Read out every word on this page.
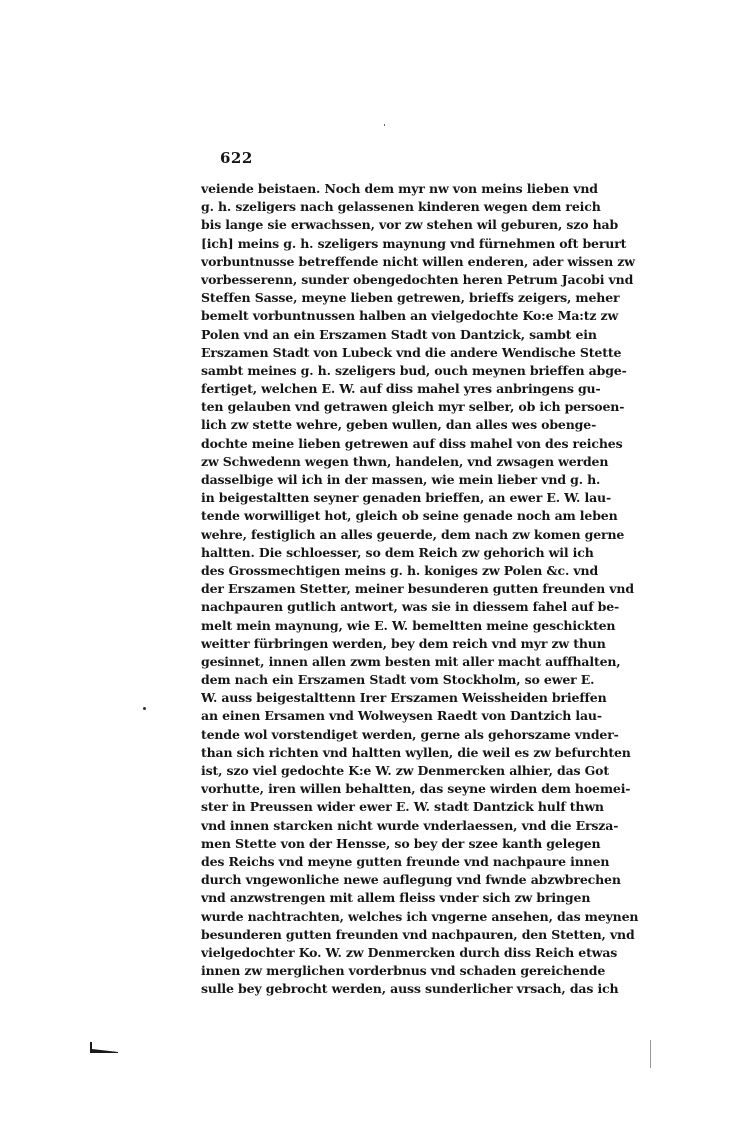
622
veiende beistaen. Noch dem myr nw von meins lieben vnd
g. h. szeligers nach gelassenen kinderen wegen dem reich
bis lange sie erwachssen, vor zw stehen wil geburen, szo hab
[ich] meins g. h. szeligers maynung vnd fürnehmen oft berurt
vorbuntnusse betreffende nicht willen enderen, ader wissen zw
vorbesserenn, sunder obengedochten heren Petrum Jacobi vnd
Steffen Sasse, meyne lieben getrewen, brieffs zeigers, meher
bemelt vorbuntnussen halben an vielgedochte Ko:e Ma:tz zw
Polen vnd an ein Erszamen Stadt von Dantzick, sambt ein
Erszamen Stadt von Lubeck vnd die andere Wendische Stette
sambt meines g. h. szeligers bud, ouch meynen brieffen abge-
fertiget, welchen E. W. auf diss mahel yres anbringens gu-
ten gelauben vnd getrawen gleich myr selber, ob ich persoen-
lich zw stette wehre, geben wullen, dan alles wes obenge-
dochte meine lieben getrewen auf diss mahel von des reiches
zw Schwedenn wegen thwn, handelen, vnd zwsagen werden
dasselbige wil ich in der massen, wie mein lieber vnd g. h.
in beigestaltten seyner genaden brieffen, an ewer E. W. lau-
tende worwilliget hot, gleich ob seine genade noch am leben
wehre, festiglich an alles geuerde, dem nach zw komen gerne
haltten. Die schloesser, so dem Reich zw gehorich wil ich
des Grossmechtigen meins g. h. koniges zw Polen &c. vnd
der Erszamen Stetter, meiner besunderen gutten freunden vnd
nachpauren gutlich antwort, was sie in diessem fahel auf be-
melt mein maynung, wie E. W. bemeltten meine geschickten
weitter fürbringen werden, bey dem reich vnd myr zw thun
gesinnet, innen allen zwm besten mit aller macht auffhalten,
dem nach ein Erszamen Stadt vom Stockholm, so ewer E.
W. auss beigestalttenn Irer Erszamen Weissheiden brieffen
an einen Ersamen vnd Wolweysen Raedt von Dantzich lau-
tende wol vorstendiget werden, gerne als gehorszame vnder-
than sich richten vnd haltten wyllen, die weil es zw befurchten
ist, szo viel gedochte K:e W. zw Denmercken alhier, das Got
vorhutte, iren willen behaltten, das seyne wirden dem hoemei-
ster in Preussen wider ewer E. W. stadt Dantzick hulf thwn
vnd innen starcken nicht wurde vnderlaessen, vnd die Ersza-
men Stette von der Hensse, so bey der szee kanth gelegen
des Reichs vnd meyne gutten freunde vnd nachpaure innen
durch vngewonliche newe auflegung vnd fwnde abzwbrechen
vnd anzwstrengen mit allem fleiss vnder sich zw bringen
wurde nachtrachten, welches ich vngerne ansehen, das meynen
besunderen gutten freunden vnd nachpauren, den Stetten, vnd
vielgedochter Ko. W. zw Denmercken durch diss Reich etwas
innen zw merglichen vorderbnus vnd schaden gereichende
sulle bey gebrocht werden, auss sunderlicher vrsach, das ich
